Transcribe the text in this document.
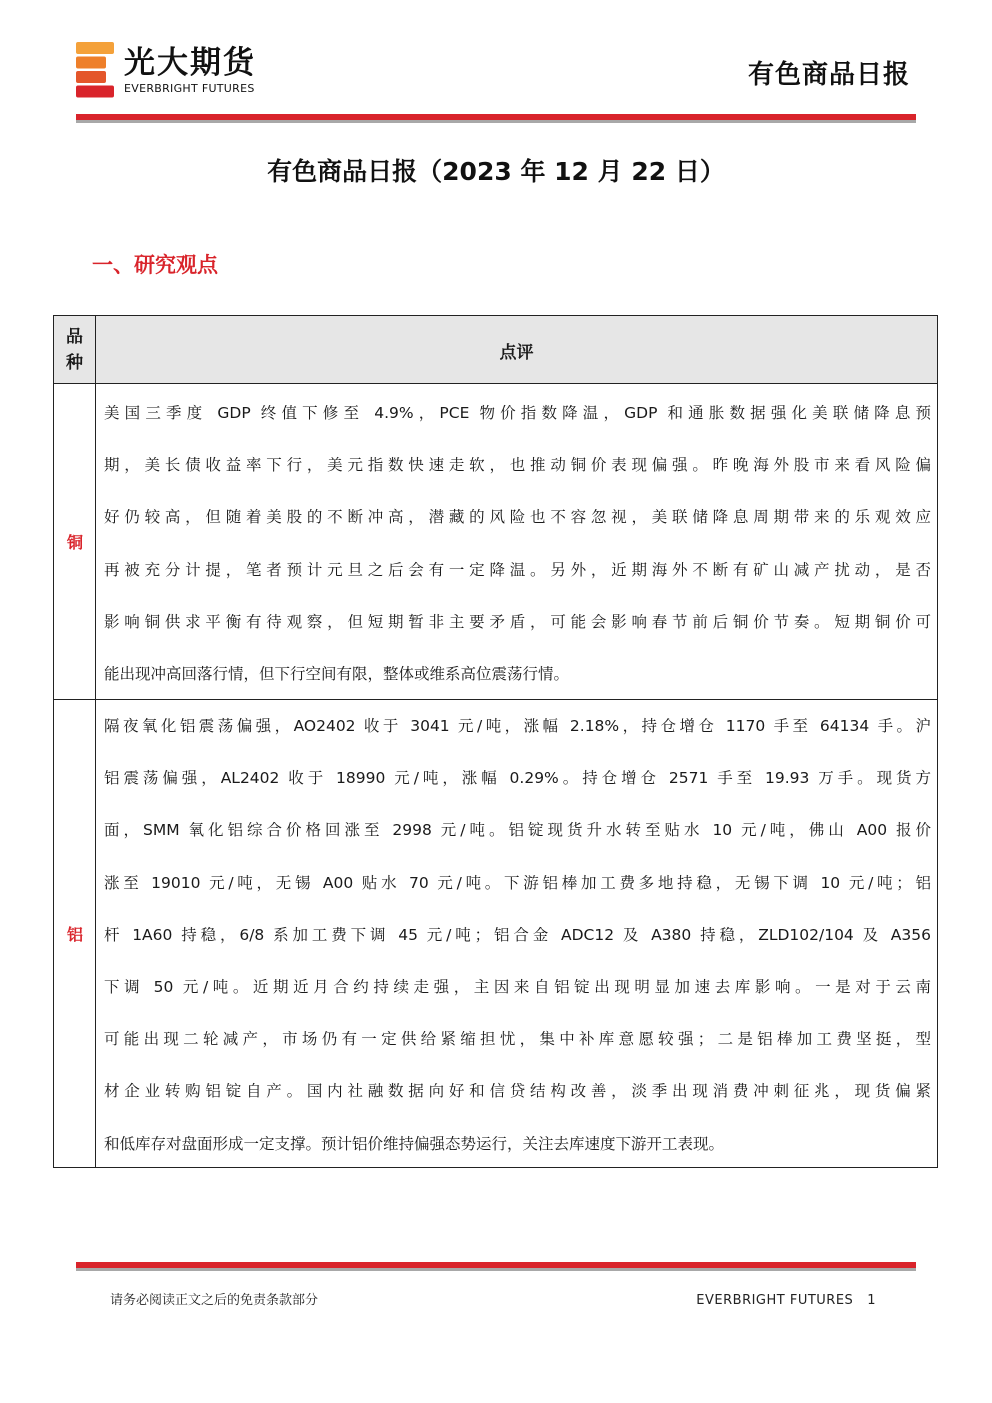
光大期货
EVERBRIGHT FUTURES	有色商品日报
有色商品日报（2023 年 12 月 22 日）
一、研究观点
品
种
点评
铜
美国三季度 GDP 终值下修至 4.9%，PCE 物价指数降温，GDP 和通胀数据强化美联储降息预
期，美长债收益率下行，美元指数快速走软，也推动铜价表现偏强。昨晚海外股市来看风险偏
好仍较高，但随着美股的不断冲高，潜藏的风险也不容忽视，美联储降息周期带来的乐观效应
再被充分计提，笔者预计元旦之后会有一定降温。另外，近期海外不断有矿山减产扰动，是否
影响铜供求平衡有待观察，但短期暂非主要矛盾，可能会影响春节前后铜价节奏。短期铜价可
能出现冲高回落行情，但下行空间有限，整体或维系高位震荡行情。
铝
隔夜氧化铝震荡偏强，AO2402 收于 3041 元/吨，涨幅 2.18%，持仓增仓 1170 手至 64134 手。沪
铝震荡偏强，AL2402 收于 18990 元/吨，涨幅 0.29%。持仓增仓 2571 手至 19.93 万手。现货方
面，SMM 氧化铝综合价格回涨至 2998 元/吨。铝锭现货升水转至贴水 10 元/吨，佛山 A00 报价
涨至 19010 元/吨，无锡 A00 贴水 70 元/吨。下游铝棒加工费多地持稳，无锡下调 10 元/吨；铝
杆 1A60 持稳，6/8 系加工费下调 45 元/吨；铝合金 ADC12 及 A380 持稳，ZLD102/104 及 A356
下调 50 元/吨。近期近月合约持续走强，主因来自铝锭出现明显加速去库影响。一是对于云南
可能出现二轮减产，市场仍有一定供给紧缩担忧，集中补库意愿较强；二是铝棒加工费坚挺，型
材企业转购铝锭自产。国内社融数据向好和信贷结构改善，淡季出现消费冲刺征兆，现货偏紧
和低库存对盘面形成一定支撑。预计铝价维持偏强态势运行，关注去库速度下游开工表现。
请务必阅读正文之后的免责条款部分	EVERBRIGHT FUTURES 1
